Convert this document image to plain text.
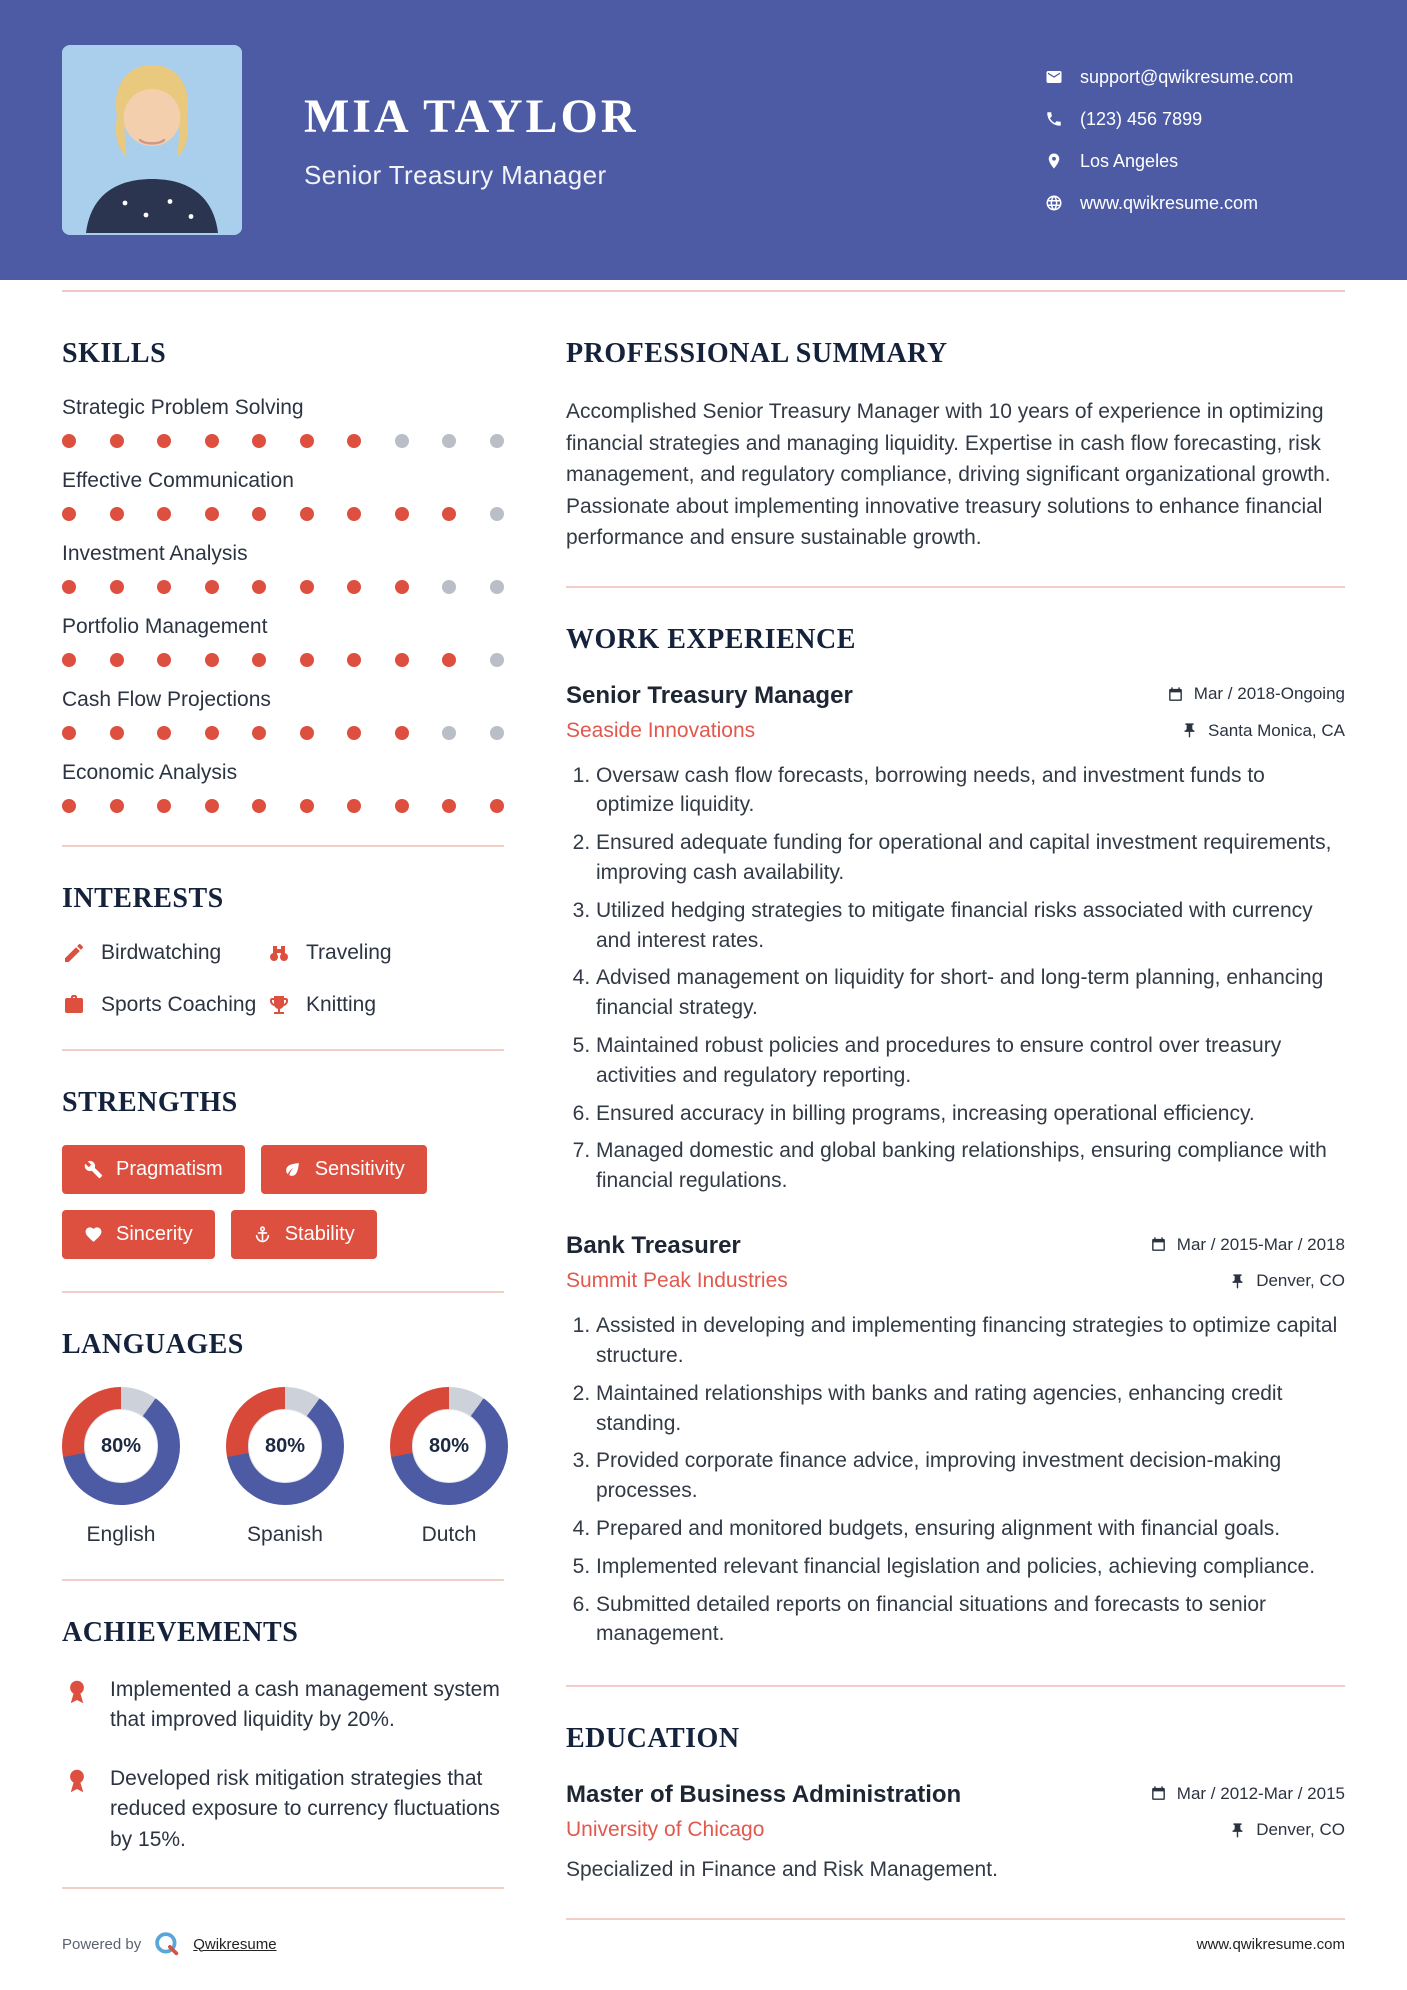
MIA TAYLOR
Senior Treasury Manager
support@qwikresume.com
(123) 456 7899
Los Angeles
www.qwikresume.com
SKILLS
Strategic Problem Solving
Effective Communication
Investment Analysis
Portfolio Management
Cash Flow Projections
Economic Analysis
INTERESTS
Birdwatching	Traveling
Sports Coaching Knitting
STRENGTHS
Pragmatism	Sensitivity
Sincerity	Stability
LANGUAGES
80%
English
80%
Spanish
80%
Dutch
ACHIEVEMENTS
Implemented a cash management system that improved liquidity by 20%.
Developed risk mitigation strategies that reduced exposure to currency fluctuations by 15%.
PROFESSIONAL SUMMARY

Accomplished Senior Treasury Manager with 10 years of experience in optimizing financial strategies and managing liquidity. Expertise in cash flow forecasting, risk management, and regulatory compliance, driving significant organizational growth. Passionate about implementing innovative treasury solutions to enhance financial performance and ensure sustainable growth.

WORK EXPERIENCE
Senior Treasury Manager	Mar / 2018-Ongoing
Seaside Innovations	Santa Monica, CA
1. Oversaw cash flow forecasts, borrowing needs, and investment funds to optimize liquidity.
2. Ensured adequate funding for operational and capital investment requirements, improving cash availability.
3. Utilized hedging strategies to mitigate financial risks associated with currency and interest rates.
4. Advised management on liquidity for short- and long-term planning, enhancing financial strategy.
5. Maintained robust policies and procedures to ensure control over treasury activities and regulatory reporting.
6. Ensured accuracy in billing programs, increasing operational efficiency.
7. Managed domestic and global banking relationships, ensuring compliance with financial regulations.
Bank Treasurer	Mar / 2015-Mar / 2018
Summit Peak Industries	Denver, CO
1. Assisted in developing and implementing financing strategies to optimize capital structure.
2. Maintained relationships with banks and rating agencies, enhancing credit standing.
3. Provided corporate finance advice, improving investment decision-making processes.
4. Prepared and monitored budgets, ensuring alignment with financial goals.
5. Implemented relevant financial legislation and policies, achieving compliance.
6. Submitted detailed reports on financial situations and forecasts to senior management.
EDUCATION
Master of Business Administration	Mar / 2012-Mar / 2015
University of Chicago	Denver, CO

Specialized in Finance and Risk Management.

Powered by	Qwikresume	www.qwikresume.com
